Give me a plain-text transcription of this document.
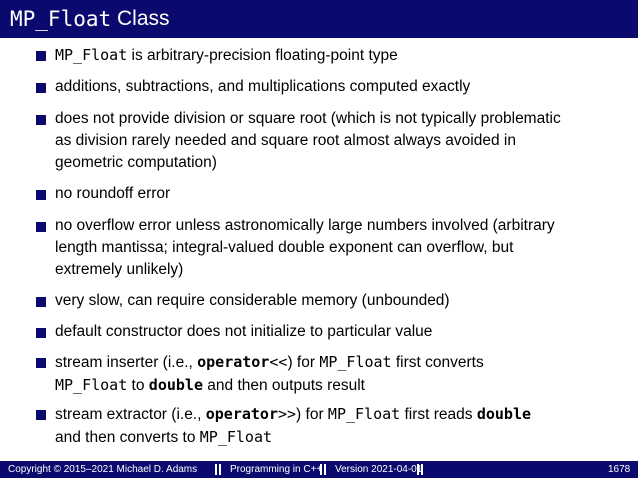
MP_Float Class
MP_Float is arbitrary-precision floating-point type
additions, subtractions, and multiplications computed exactly
does not provide division or square root (which is not typically problematic
as division rarely needed and square root almost always avoided in
geometric computation)
no roundoff error
no overflow error unless astronomically large numbers involved (arbitrary
length mantissa; integral-valued double exponent can overflow, but
extremely unlikely)
very slow, can require considerable memory (unbounded)
default constructor does not initialize to particular value
stream inserter (i.e., operator<<) for MP_Float first converts
MP_Float to double and then outputs result
stream extractor (i.e., operator>>) for MP_Float first reads double
and then converts to MP_Float
Copyright © 2015–2021 Michael D. Adams	Programming in C++ Version 2021-04-01	1678
